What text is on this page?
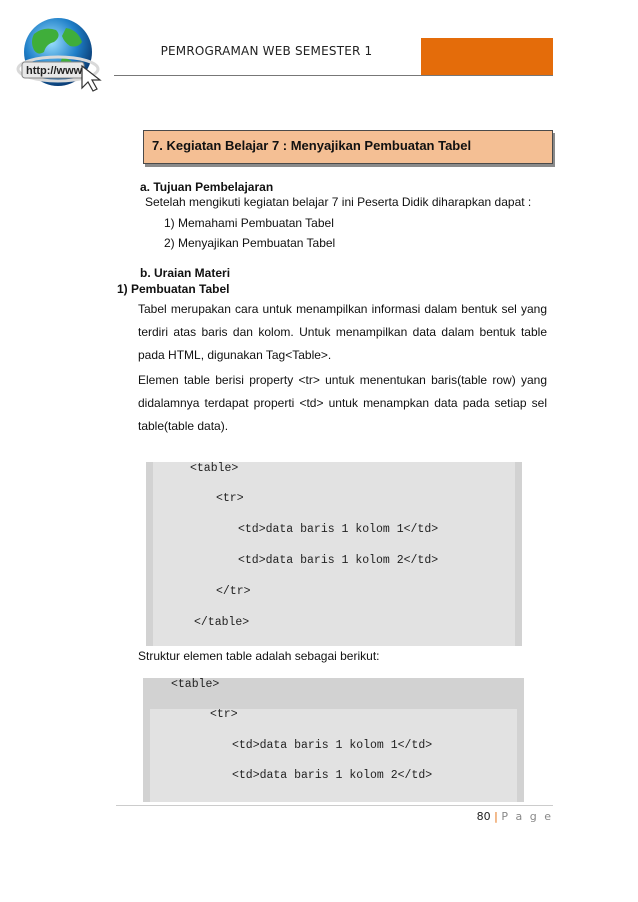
http://www
PEMROGRAMAN WEB SEMESTER 1
7. Kegiatan Belajar 7 : Menyajikan Pembuatan Tabel
a. Tujuan Pembelajaran
Setelah mengikuti kegiatan belajar 7 ini Peserta Didik diharapkan dapat :
1) Memahami Pembuatan Tabel
2) Menyajikan Pembuatan Tabel
b. Uraian Materi
1) Pembuatan Tabel
Tabel merupakan cara untuk menampilkan informasi dalam bentuk sel yang terdiri atas baris dan kolom. Untuk menampilkan data dalam bentuk table pada HTML, digunakan Tag<Table>.
Elemen table berisi property <tr> untuk menentukan baris(table row) yang didalamnya terdapat properti <td> untuk menampkan data pada setiap sel table(table data).
<table>
<tr>
<td>data baris 1 kolom 1</td>
<td>data baris 1 kolom 2</td>
</tr>
</table>
Struktur elemen table adalah sebagai berikut:
<table>
<tr>
<td>data baris 1 kolom 1</td>
<td>data baris 1 kolom 2</td>
80 | P a g e
